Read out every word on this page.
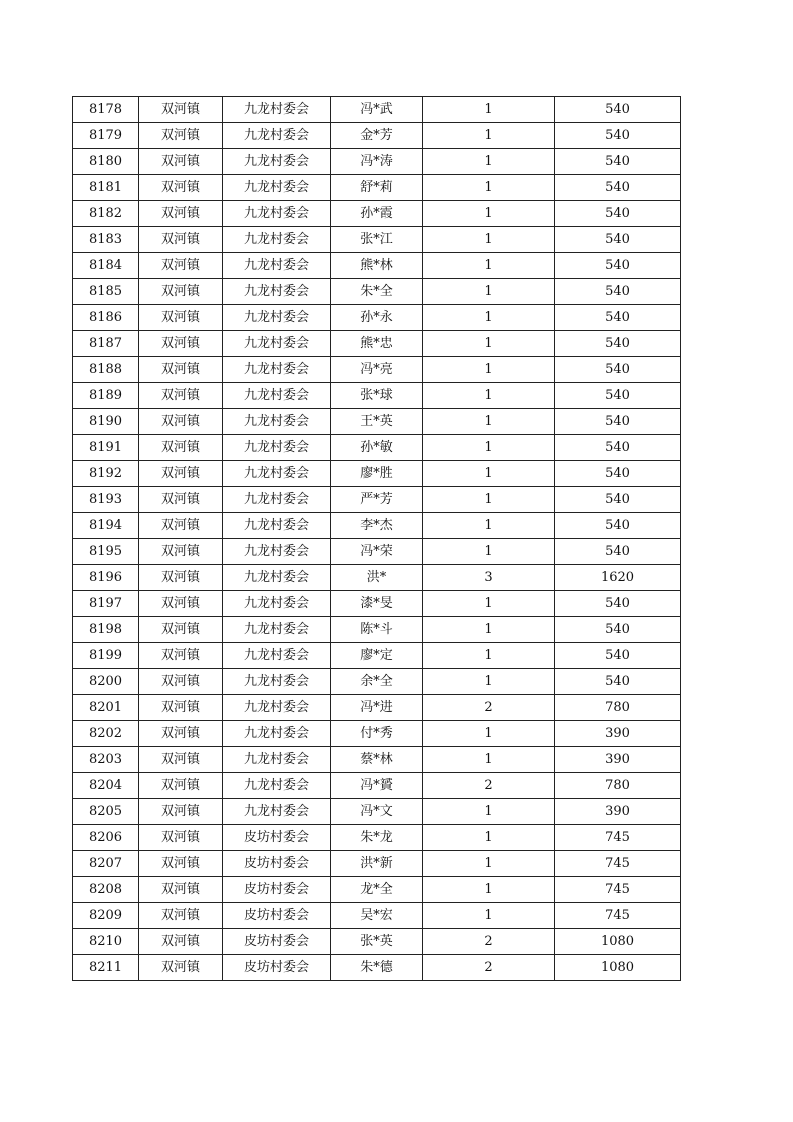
8178	双河镇	九龙村委会	冯*武	1	540
8179	双河镇	九龙村委会	金*芳	1	540
8180	双河镇	九龙村委会	冯*涛	1	540
8181	双河镇	九龙村委会	舒*莉	1	540
8182	双河镇	九龙村委会	孙*霞	1	540
8183	双河镇	九龙村委会	张*江	1	540
8184	双河镇	九龙村委会	熊*林	1	540
8185	双河镇	九龙村委会	朱*全	1	540
8186	双河镇	九龙村委会	孙*永	1	540
8187	双河镇	九龙村委会	熊*忠	1	540
8188	双河镇	九龙村委会	冯*亮	1	540
8189	双河镇	九龙村委会	张*球	1	540
8190	双河镇	九龙村委会	王*英	1	540
8191	双河镇	九龙村委会	孙*敏	1	540
8192	双河镇	九龙村委会	廖*胜	1	540
8193	双河镇	九龙村委会	严*芳	1	540
8194	双河镇	九龙村委会	李*杰	1	540
8195	双河镇	九龙村委会	冯*荣	1	540
8196	双河镇	九龙村委会	洪*	3	1620
8197	双河镇	九龙村委会	漆*旻	1	540
8198	双河镇	九龙村委会	陈*斗	1	540
8199	双河镇	九龙村委会	廖*定	1	540
8200	双河镇	九龙村委会	余*全	1	540
8201	双河镇	九龙村委会	冯*进	2	780
8202	双河镇	九龙村委会	付*秀	1	390
8203	双河镇	九龙村委会	蔡*林	1	390
8204	双河镇	九龙村委会	冯*贇	2	780
8205	双河镇	九龙村委会	冯*文	1	390
8206	双河镇	皮坊村委会	朱*龙	1	745
8207	双河镇	皮坊村委会	洪*新	1	745
8208	双河镇	皮坊村委会	龙*全	1	745
8209	双河镇	皮坊村委会	吴*宏	1	745
8210	双河镇	皮坊村委会	张*英	2	1080
8211	双河镇	皮坊村委会	朱*德	2	1080
